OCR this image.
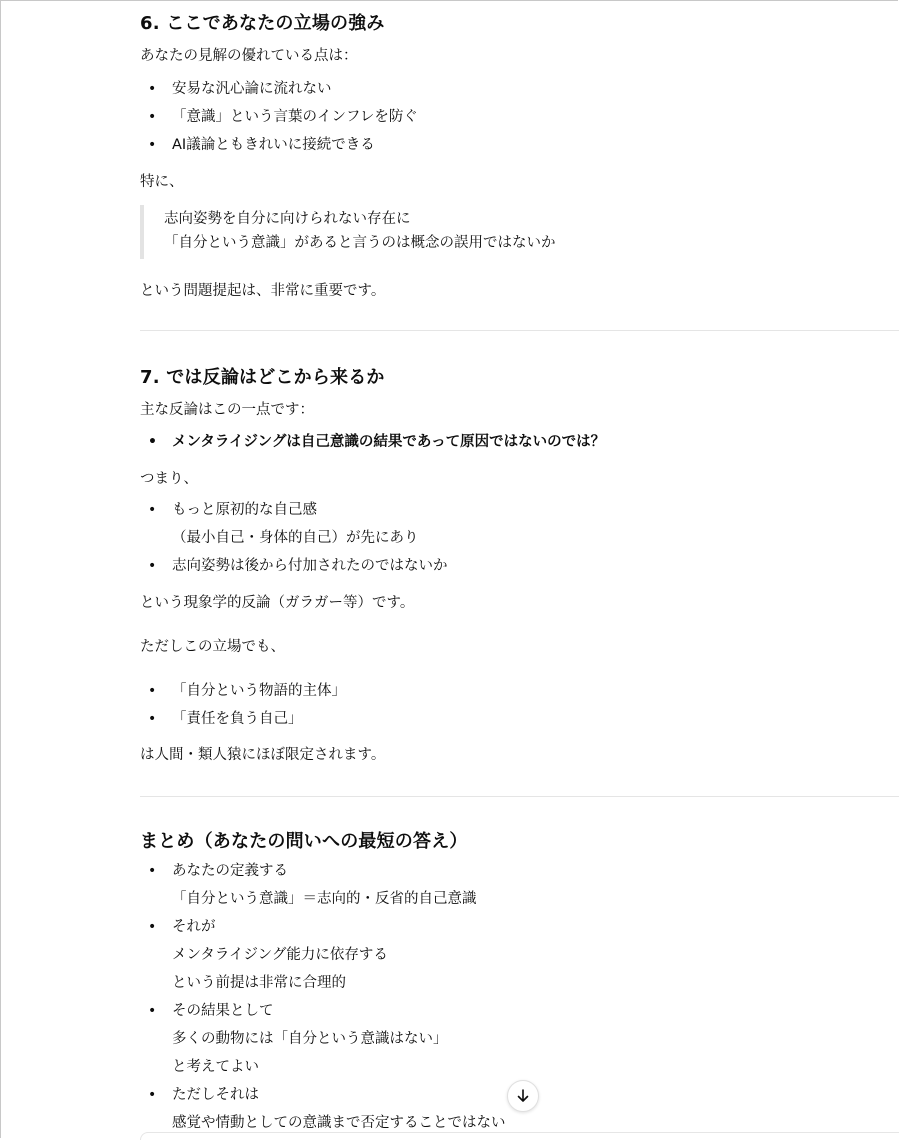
6. ここであなたの立場の強み
あなたの見解の優れている点は：
• 安易な汎心論に流れない
• 「意識」という言葉のインフレを防ぐ
• AI議論ともきれいに接続できる
特に、
志向姿勢を自分に向けられない存在に
「自分という意識」があると言うのは概念の誤用ではないか
という問題提起は、非常に重要です。
7. では反論はどこから来るか
主な反論はこの一点です：
• メンタライジングは自己意識の結果であって原因ではないのでは？
つまり、
• もっと原初的な自己感
（最小自己・身体的自己）が先にあり
• 志向姿勢は後から付加されたのではないか
という現象学的反論（ガラガー等）です。
ただしこの立場でも、
• 「自分という物語的主体」
• 「責任を負う自己」
は人間・類人猿にほぼ限定されます。
まとめ（あなたの問いへの最短の答え）
• あなたの定義する
「自分という意識」＝志向的・反省的自己意識
• それが
メンタライジング能力に依存する
という前提は非常に合理的
• その結果として
多くの動物には「自分という意識はない」
と考えてよい
• ただしそれは
感覚や情動としての意識まで否定することではない
